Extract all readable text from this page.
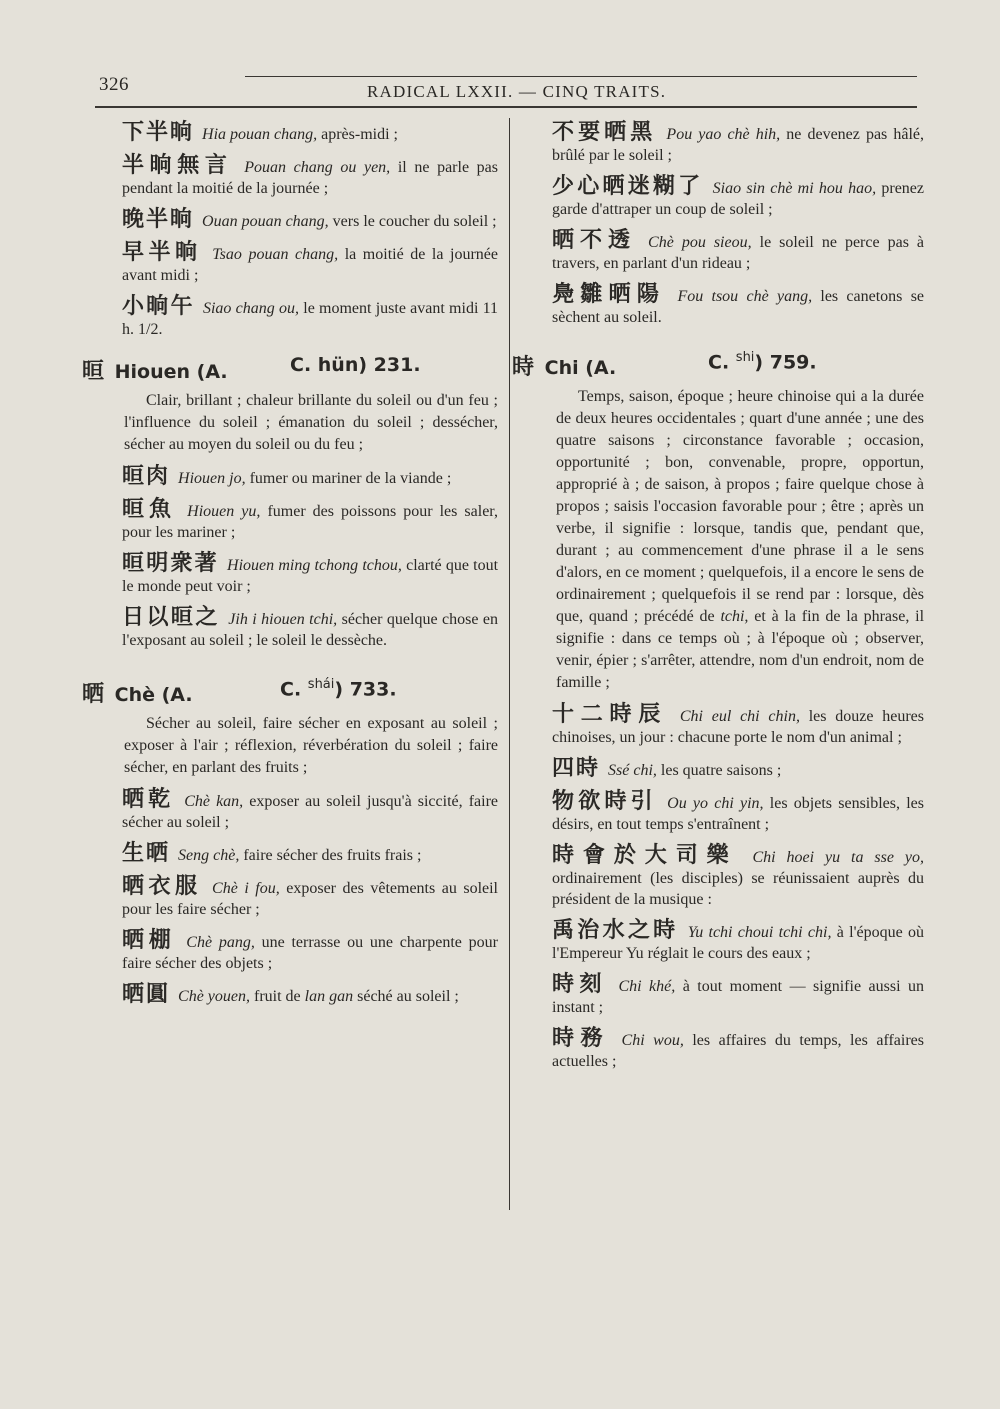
326	RADICAL LXXII. — CINQ TRAITS.
下半晌 Hia pouan chang, après-midi ;
半晌無言 Pouan chang ou yen, il ne parle pas pendant la moitié de la journée ;
晚半晌 Ouan pouan chang, vers le coucher du soleil ;
早半晌 Tsao pouan chang, la moitié de la journée avant midi ;
小晌午 Siao chang ou, le moment juste avant midi 11 h. 1/2.
晅 Hiouen (A.	C. hün) 231.

Clair, brillant ; chaleur brillante du soleil ou d'un feu ; l'influence du soleil ; émanation du soleil ; dessécher, sécher au moyen du soleil ou du feu ;

晅肉 Hiouen jo, fumer ou mariner de la viande ;
晅魚 Hiouen yu, fumer des poissons pour les saler, pour les mariner ;
晅明衆著 Hiouen ming tchong tchou, clarté que tout le monde peut voir ;
日以晅之 Jih i hiouen tchi, sécher quelque chose en l'exposant au soleil ; le soleil le dessèche.
晒 Chè (A.	C. $^{shái}$) 733.

Sécher au soleil, faire sécher en exposant au soleil ; exposer à l'air ; réflexion, réverbération du soleil ; faire sécher, en parlant des fruits ;

晒乾 Chè kan, exposer au soleil jusqu'à siccité, faire sécher au soleil ;
生晒 Seng chè, faire sécher des fruits frais ;
晒衣服 Chè i fou, exposer des vêtements au soleil pour les faire sécher ;
晒棚 Chè pang, une terrasse ou une charpente pour faire sécher des objets ;
晒圓 Chè youen, fruit de lan gan séché au soleil ;
不要晒黑 Pou yao chè hih, ne devenez pas hâlé, brûlé par le soleil ;
少心晒迷糊了 Siao sin chè mi hou hao, prenez garde d'attraper un coup de soleil ;
晒不透 Chè pou sieou, le soleil ne perce pas à travers, en parlant d'un rideau ;
鳧雛晒陽 Fou tsou chè yang, les canetons se sèchent au soleil.
時 Chi (A.	C. $^{shi}$) 759.

Temps, saison, époque ; heure chinoise qui a la durée de deux heures occidentales ; quart d'une année ; une des quatre saisons ; circonstance favorable ; occasion, opportunité ; bon, convenable, propre, opportun, approprié à ; de saison, à propos ; faire quelque chose à propos ; saisis l'occasion favorable pour ; être ; après un verbe, il signifie : lorsque, tandis que, pendant que, durant ; au commencement d'une phrase il a le sens d'alors, en ce moment ; quelquefois, il a encore le sens de ordinairement ; quelquefois il se rend par : lorsque, dès que, quand ; précédé de tchi, et à la fin de la phrase, il signifie : dans ce temps où ; à l'époque où ; observer, venir, épier ; s'arrêter, attendre, nom d'un endroit, nom de famille ;

十二時辰 Chi eul chi chin, les douze heures chinoises, un jour : chacune porte le nom d'un animal ;
四時 Ssé chi, les quatre saisons ;
物欲時引 Ou yo chi yin, les objets sensibles, les désirs, en tout temps s'entraînent ;
時會於大司樂 Chi hoei yu ta sse yo, ordinairement (les disciples) se réunissaient auprès du président de la musique :
禹治水之時 Yu tchi choui tchi chi, à l'époque où l'Empereur Yu réglait le cours des eaux ;
時刻 Chi khé, à tout moment — signifie aussi un instant ;
時務 Chi wou, les affaires du temps, les affaires actuelles ;
